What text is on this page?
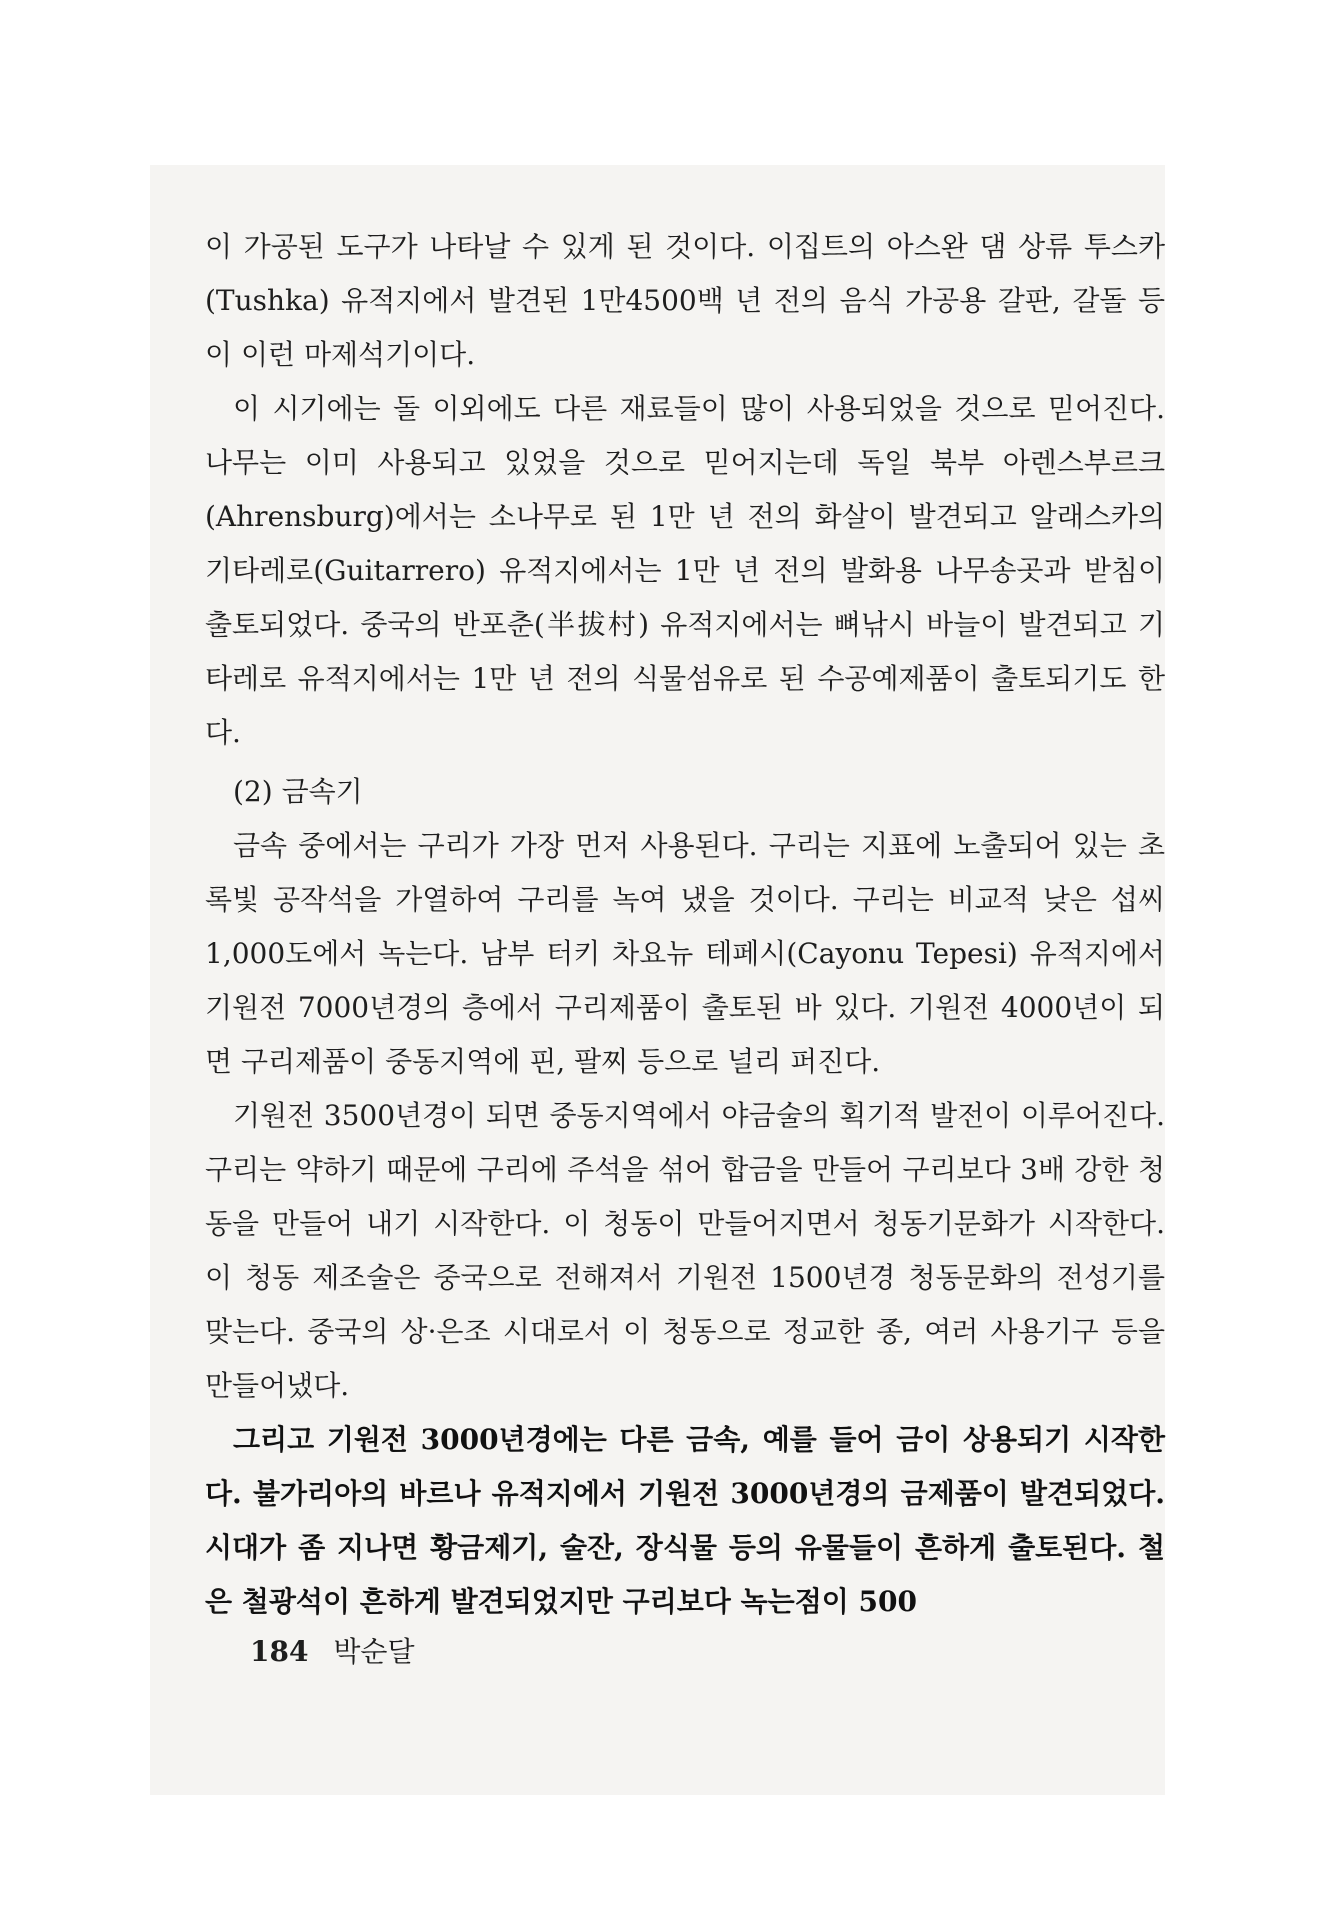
이 가공된 도구가 나타날 수 있게 된 것이다. 이집트의 아스완 댐 상류 투스카(Tushka) 유적지에서 발견된 1만4500백 년 전의 음식 가공용 갈판, 갈돌 등이 이런 마제석기이다.

이 시기에는 돌 이외에도 다른 재료들이 많이 사용되었을 것으로 믿어진다. 나무는 이미 사용되고 있었을 것으로 믿어지는데 독일 북부 아렌스부르크(Ahrensburg)에서는 소나무로 된 1만 년 전의 화살이 발견되고 알래스카의 기타레로(Guitarrero) 유적지에서는 1만 년 전의 발화용 나무송곳과 받침이 출토되었다. 중국의 반포춘(半拔村) 유적지에서는 뼈낚시 바늘이 발견되고 기타레로 유적지에서는 1만 년 전의 식물섬유로 된 수공예제품이 출토되기도 한다.

(2) 금속기

금속 중에서는 구리가 가장 먼저 사용된다. 구리는 지표에 노출되어 있는 초록빛 공작석을 가열하여 구리를 녹여 냈을 것이다. 구리는 비교적 낮은 섭씨 1,000도에서 녹는다. 남부 터키 차요뉴 테페시(Cayonu Tepesi) 유적지에서 기원전 7000년경의 층에서 구리제품이 출토된 바 있다. 기원전 4000년이 되면 구리제품이 중동지역에 핀, 팔찌 등으로 널리 퍼진다.

기원전 3500년경이 되면 중동지역에서 야금술의 획기적 발전이 이루어진다. 구리는 약하기 때문에 구리에 주석을 섞어 합금을 만들어 구리보다 3배 강한 청동을 만들어 내기 시작한다. 이 청동이 만들어지면서 청동기문화가 시작한다. 이 청동 제조술은 중국으로 전해져서 기원전 1500년경 청동문화의 전성기를 맞는다. 중국의 상·은조 시대로서 이 청동으로 정교한 종, 여러 사용기구 등을 만들어냈다.

그리고 기원전 3000년경에는 다른 금속, 예를 들어 금이 상용되기 시작한다. 불가리아의 바르나 유적지에서 기원전 3000년경의 금제품이 발견되었다. 시대가 좀 지나면 황금제기, 술잔, 장식물 등의 유물들이 흔하게 출토된다. 철은 철광석이 흔하게 발견되었지만 구리보다 녹는점이 500

184 박순달
